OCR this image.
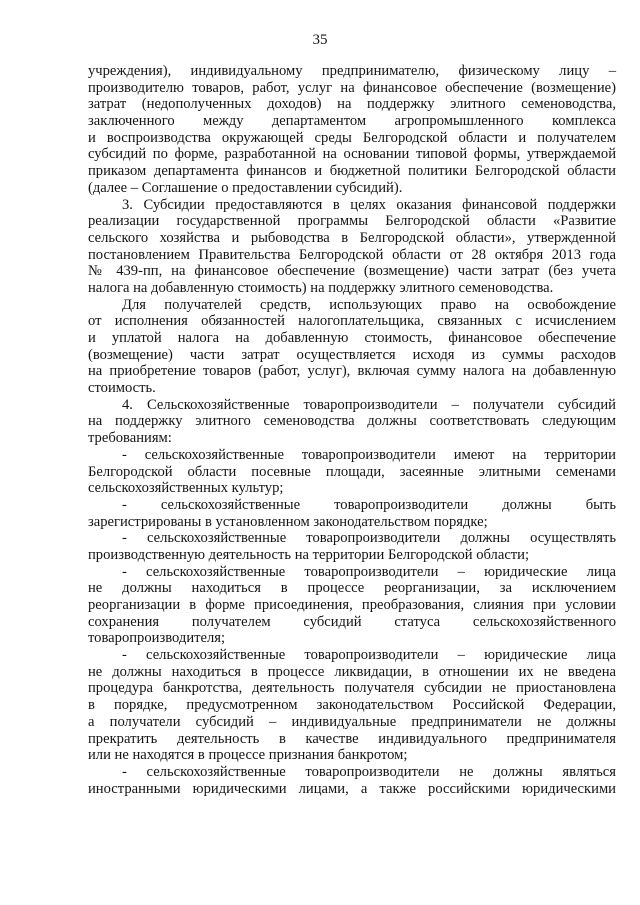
35
учреждения), индивидуальному предпринимателю, физическому лицу –
производителю товаров, работ, услуг на финансовое обеспечение (возмещение)
затрат (недополученных доходов) на поддержку элитного семеноводства,
заключенного между департаментом агропромышленного комплекса
и воспроизводства окружающей среды Белгородской области и получателем
субсидий по форме, разработанной на основании типовой формы, утверждаемой
приказом департамента финансов и бюджетной политики Белгородской области
(далее – Соглашение о предоставлении субсидий).
3. Субсидии предоставляются в целях оказания финансовой поддержки
реализации государственной программы Белгородской области «Развитие
сельского хозяйства и рыбоводства в Белгородской области», утвержденной
постановлением Правительства Белгородской области от 28 октября 2013 года
№ 439-пп, на финансовое обеспечение (возмещение) части затрат (без учета
налога на добавленную стоимость) на поддержку элитного семеноводства.
Для получателей средств, использующих право на освобождение
от исполнения обязанностей налогоплательщика, связанных с исчислением
и уплатой налога на добавленную стоимость, финансовое обеспечение
(возмещение) части затрат осуществляется исходя из суммы расходов
на приобретение товаров (работ, услуг), включая сумму налога на добавленную
стоимость.
4. Сельскохозяйственные товаропроизводители – получатели субсидий
на поддержку элитного семеноводства должны соответствовать следующим
требованиям:
- сельскохозяйственные товаропроизводители имеют на территории
Белгородской области посевные площади, засеянные элитными семенами
сельскохозяйственных культур;
- сельскохозяйственные товаропроизводители должны быть
зарегистрированы в установленном законодательством порядке;
- сельскохозяйственные товаропроизводители должны осуществлять
производственную деятельность на территории Белгородской области;
- сельскохозяйственные товаропроизводители – юридические лица
не должны находиться в процессе реорганизации, за исключением
реорганизации в форме присоединения, преобразования, слияния при условии
сохранения получателем субсидий статуса сельскохозяйственного
товаропроизводителя;
- сельскохозяйственные товаропроизводители – юридические лица
не должны находиться в процессе ликвидации, в отношении их не введена
процедура банкротства, деятельность получателя субсидии не приостановлена
в порядке, предусмотренном законодательством Российской Федерации,
а получатели субсидий – индивидуальные предприниматели не должны
прекратить деятельность в качестве индивидуального предпринимателя
или не находятся в процессе признания банкротом;
- сельскохозяйственные товаропроизводители не должны являться
иностранными юридическими лицами, а также российскими юридическими
